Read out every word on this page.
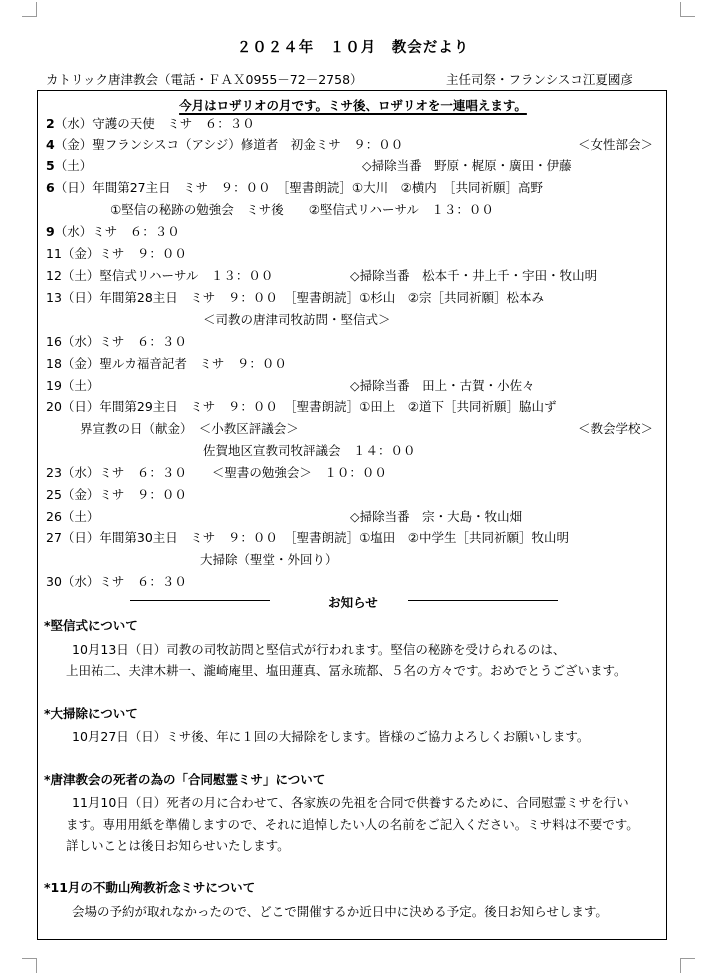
２０２４年　１０月　教会だより
カトリック唐津教会（電話・ＦＡＸ0955－72－2758）	主任司祭・フランシスコ江夏國彦
今月はロザリオの月です。ミサ後、ロザリオを一連唱えます。
2（水）守護の天使　ミサ　６：３０
4（金）聖フランシスコ（アシジ）修道者　初金ミサ　９：００	＜女性部会＞
5（土）	◇掃除当番　野原・梶原・廣田・伊藤
6（日）年間第27主日　ミサ　９：００　［聖書朗読］①大川　②横内　［共同祈願］高野
①堅信の秘跡の勉強会　ミサ後　　②堅信式リハーサル　１３：００
9（水）ミサ　６：３０
11（金）ミサ　９：００
12（土）堅信式リハーサル　１３：００	◇掃除当番　松本千・井上千・宇田・牧山明
13（日）年間第28主日　ミサ　９：００　［聖書朗読］①杉山　②宗［共同祈願］松本み
＜司教の唐津司牧訪問・堅信式＞
16（水）ミサ　６：３０
18（金）聖ルカ福音記者　ミサ　９：００
19（土）	◇掃除当番　田上・古賀・小佐々
20（日）年間第29主日　ミサ　９：００　［聖書朗読］①田上　②道下［共同祈願］脇山ず
界宣教の日（献金）　＜小教区評議会＞	＜教会学校＞
佐賀地区宣教司牧評議会　１４：００
23（水）ミサ　６：３０　　＜聖書の勉強会＞　１０：００
25（金）ミサ　９：００
26（土）	◇掃除当番　宗・大島・牧山畑
27（日）年間第30主日　ミサ　９：００　［聖書朗読］①塩田　②中学生［共同祈願］牧山明
大掃除（聖堂・外回り）
30（水）ミサ　６：３０
お知らせ
*堅信式について
10月13日（日）司教の司牧訪問と堅信式が行われます。堅信の秘跡を受けられるのは、
上田祐二、夫津木耕一、瀧崎庵里、塩田蓮真、冨永琉都、５名の方々です。おめでとうございます。
*大掃除について
10月27日（日）ミサ後、年に１回の大掃除をします。皆様のご協力よろしくお願いします。
*唐津教会の死者の為の「合同慰霊ミサ」について
11月10日（日）死者の月に合わせて、各家族の先祖を合同で供養するために、合同慰霊ミサを行い
ます。専用用紙を準備しますので、それに追悼したい人の名前をご記入ください。ミサ料は不要です。
詳しいことは後日お知らせいたします。
*11月の不動山殉教祈念ミサについて
会場の予約が取れなかったので、どこで開催するか近日中に決める予定。後日お知らせします。
